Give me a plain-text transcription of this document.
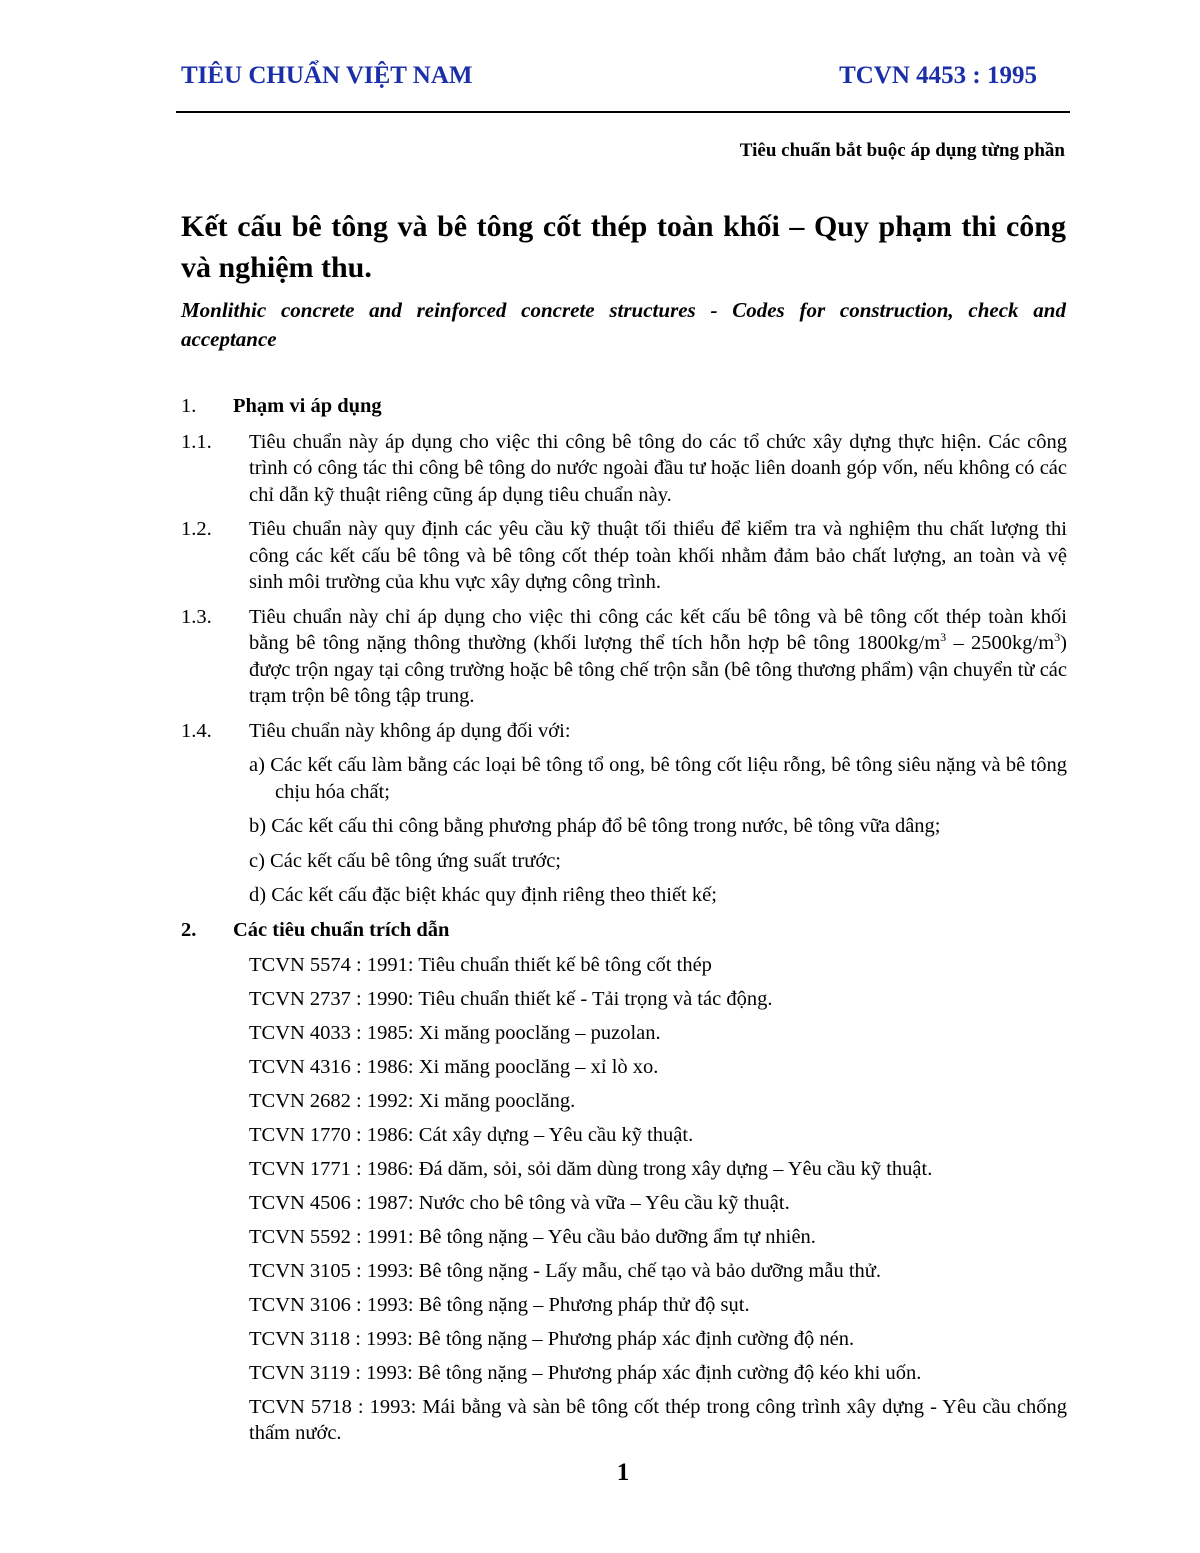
TIÊU CHUẨN VIỆT NAM	TCVN 4453 : 1995
Tiêu chuẩn bắt buộc áp dụng từng phần
Kết cấu bê tông và bê tông cốt thép toàn khối – Quy phạm thi công và nghiệm thu.
Monlithic concrete and reinforced concrete structures - Codes for construction, check and acceptance
1. Phạm vi áp dụng
1.1. Tiêu chuẩn này áp dụng cho việc thi công bê tông do các tổ chức xây dựng thực hiện. Các công trình có công tác thi công bê tông do nước ngoài đầu tư hoặc liên doanh góp vốn, nếu không có các chỉ dẫn kỹ thuật riêng cũng áp dụng tiêu chuẩn này.
1.2. Tiêu chuẩn này quy định các yêu cầu kỹ thuật tối thiểu để kiểm tra và nghiệm thu chất lượng thi công các kết cấu bê tông và bê tông cốt thép toàn khối nhằm đảm bảo chất lượng, an toàn và vệ sinh môi trường của khu vực xây dựng công trình.
1.3. Tiêu chuẩn này chỉ áp dụng cho việc thi công các kết cấu bê tông và bê tông cốt thép toàn khối bằng bê tông nặng thông thường (khối lượng thể tích hỗn hợp bê tông $1800kg/m^3 - 2500kg/m^3$) được trộn ngay tại công trường hoặc bê tông chế trộn sẵn (bê tông thương phẩm) vận chuyển từ các trạm trộn bê tông tập trung.
1.4. Tiêu chuẩn này không áp dụng đối với:
a) Các kết cấu làm bằng các loại bê tông tổ ong, bê tông cốt liệu rỗng, bê tông siêu nặng và bê tông chịu hóa chất;
b) Các kết cấu thi công bằng phương pháp đổ bê tông trong nước, bê tông vữa dâng;
c) Các kết cấu bê tông ứng suất trước;
d) Các kết cấu đặc biệt khác quy định riêng theo thiết kế;
2. Các tiêu chuẩn trích dẫn
TCVN 5574 : 1991: Tiêu chuẩn thiết kế bê tông cốt thép
TCVN 2737 : 1990: Tiêu chuẩn thiết kế - Tải trọng và tác động.
TCVN 4033 : 1985: Xi măng pooclăng – puzolan.
TCVN 4316 : 1986: Xi măng pooclăng – xỉ lò xo.
TCVN 2682 : 1992: Xi măng pooclăng.
TCVN 1770 : 1986: Cát xây dựng – Yêu cầu kỹ thuật.
TCVN 1771 : 1986: Đá dăm, sỏi, sỏi dăm dùng trong xây dựng – Yêu cầu kỹ thuật.
TCVN 4506 : 1987: Nước cho bê tông và vữa – Yêu cầu kỹ thuật.
TCVN 5592 : 1991: Bê tông nặng – Yêu cầu bảo dưỡng ẩm tự nhiên.
TCVN 3105 : 1993: Bê tông nặng - Lấy mẫu, chế tạo và bảo dưỡng mẫu thử.
TCVN 3106 : 1993: Bê tông nặng – Phương pháp thử độ sụt.
TCVN 3118 : 1993: Bê tông nặng – Phương pháp xác định cường độ nén.
TCVN 3119 : 1993: Bê tông nặng – Phương pháp xác định cường độ kéo khi uốn.
TCVN 5718 : 1993: Mái bằng và sàn bê tông cốt thép trong công trình xây dựng - Yêu cầu chống thấm nước.
1
